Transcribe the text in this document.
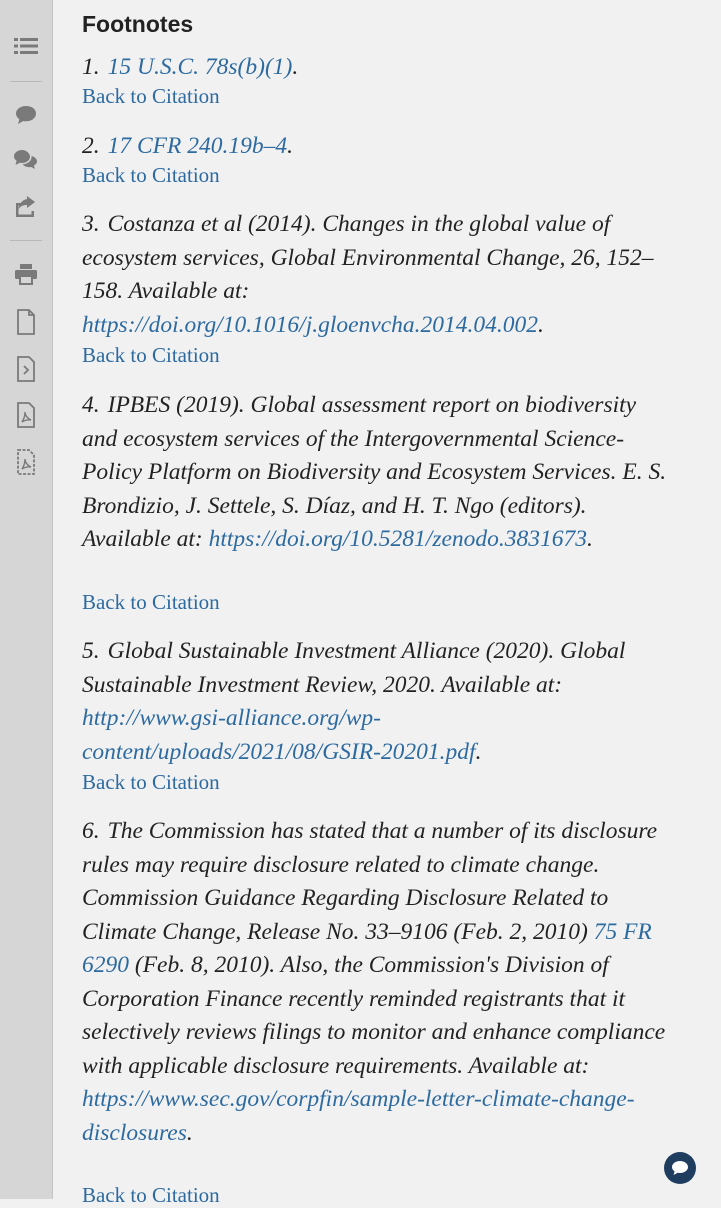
Footnotes

1. 15 U.S.C. 78s(b)(1).

Back to Citation

2. 17 CFR 240.19b–4.

Back to Citation

3. Costanza et al (2014). Changes in the global value of ecosystem services, Global Environmental Change, 26, 152–158. Available at: https://doi.org/10.1016/j.gloenvcha.2014.04.002.

Back to Citation

4. IPBES (2019). Global assessment report on biodiversity and ecosystem services of the Intergovernmental Science-Policy Platform on Biodiversity and Ecosystem Services. E. S. Brondizio, J. Settele, S. Díaz, and H. T. Ngo (editors). Available at: https://doi.org/10.5281/zenodo.3831673.

Back to Citation

5. Global Sustainable Investment Alliance (2020). Global Sustainable Investment Review, 2020. Available at: http://www.gsi-alliance.org/wp-content/uploads/2021/08/GSIR-20201.pdf.

Back to Citation

6. The Commission has stated that a number of its disclosure rules may require disclosure related to climate change. Commission Guidance Regarding Disclosure Related to Climate Change, Release No. 33–9106 (Feb. 2, 2010) 75 FR 6290 (Feb. 8, 2010). Also, the Commission's Division of Corporation Finance recently reminded registrants that it selectively reviews filings to monitor and enhance compliance with applicable disclosure requirements. Available at: https://www.sec.gov/corpfin/sample-letter-climate-change-disclosures.

Back to Citation
